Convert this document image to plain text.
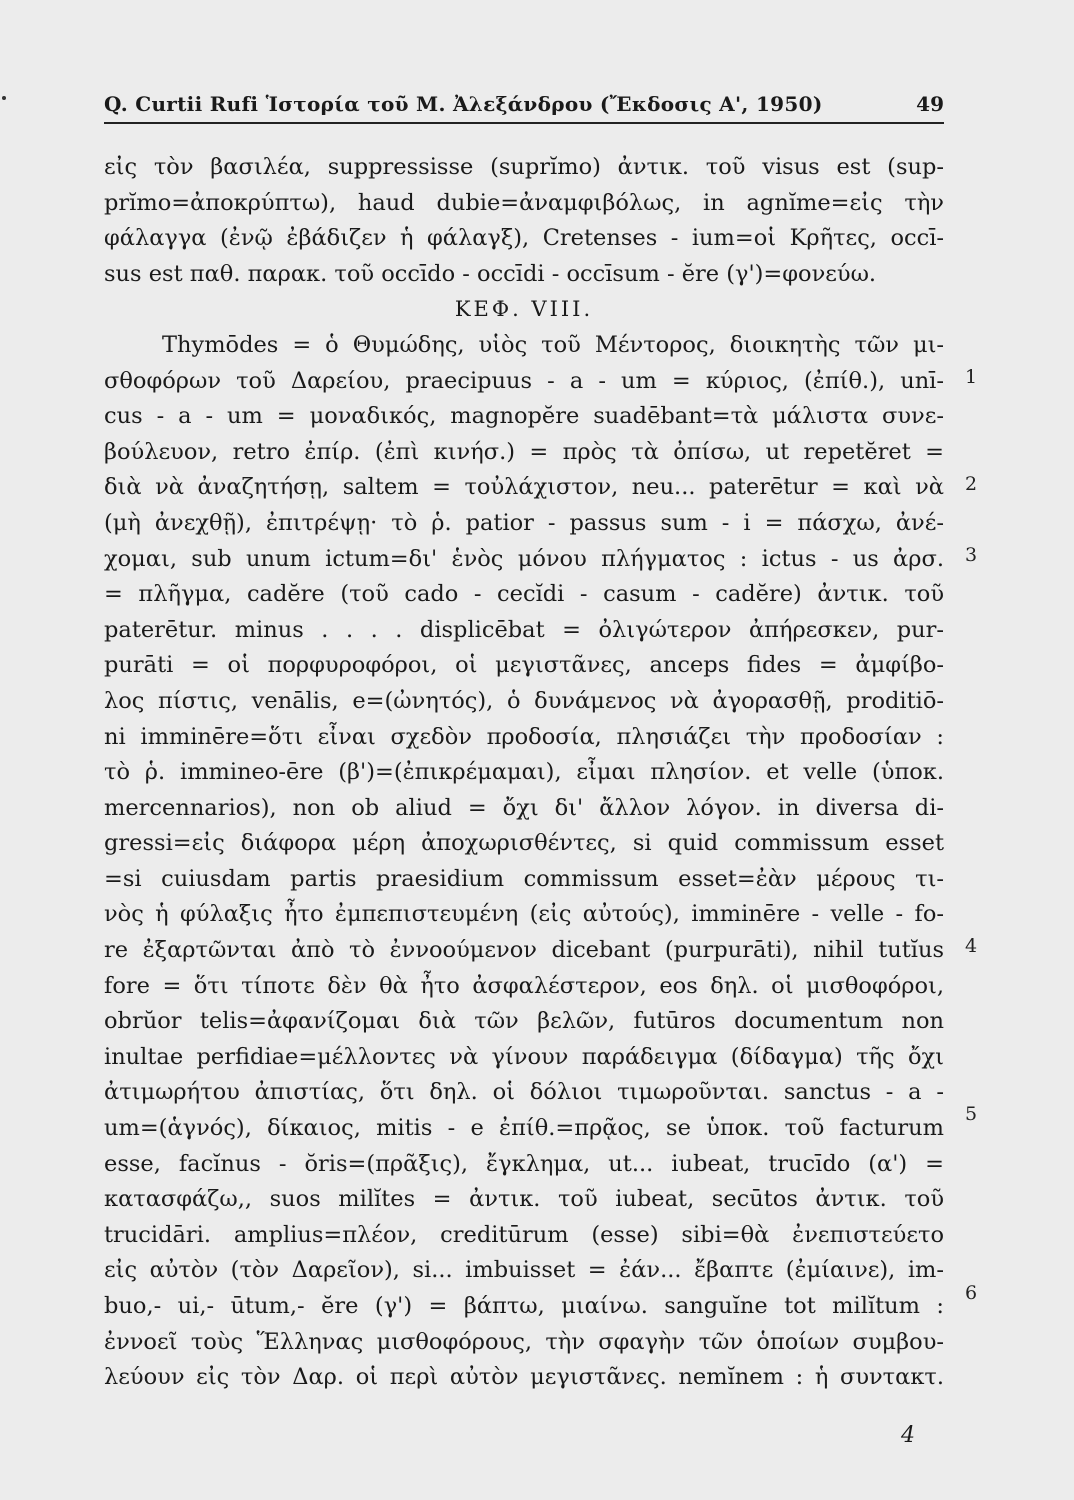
Q. Curtii Rufi Ἱστορία τοῦ Μ. Ἀλεξάνδρου (Ἔκδοσις Α', 1950)	49
εἰς τὸν βασιλέα, suppressisse (suprĭmo) ἀντικ. τοῦ visus est (sup-
prĭmo=ἀποκρύπτω), haud dubie=ἀναμφιβόλως, in agnĭme=εἰς τὴν
φάλαγγα (ἐνῷ ἐβάδιζεν ἡ φάλαγξ), Cretenses - ium=οἱ Κρῆτες, occī-
sus est παθ. παρακ. τοῦ occīdo - occīdi - occīsum - ĕre (γ')=φονεύω.
ΚΕΦ. VIII.
Thymōdes = ὁ Θυμώδης, υἱὸς τοῦ Μέντορος, διοικητὴς τῶν μι-
σθοφόρων τοῦ Δαρείου, praecipuus - a - um = κύριος, (ἐπίθ.), unī-
cus - a - um = μοναδικός, magnopĕre suadēbant=τὰ μάλιστα συνε-
βούλευον, retro ἐπίρ. (ἐπὶ κινήσ.) = πρὸς τὰ ὀπίσω, ut repetĕret =
διὰ νὰ ἀναζητήσῃ, saltem = τοὐλάχιστον, neu... paterētur = καὶ νὰ
(μὴ ἀνεχθῇ), ἐπιτρέψῃ· τὸ ῥ. patior - passus sum - i = πάσχω, ἀνέ-
χομαι, sub unum ictum=δι' ἑνὸς μόνου πλήγματος : ictus - us ἀρσ.
= πλῆγμα, cadĕre (τοῦ cado - cecĭdi - casum - cadĕre) ἀντικ. τοῦ
paterētur. minus . . . . displicēbat = ὀλιγώτερον ἀπήρεσκεν, pur-
purāti = οἱ πορφυροφόροι, οἱ μεγιστᾶνες, anceps fides = ἀμφίβο-
λος πίστις, venālis, e=(ὠνητός), ὁ δυνάμενος νὰ ἀγορασθῇ, proditiō-
ni imminēre=ὅτι εἶναι σχεδὸν προδοσία, πλησιάζει τὴν προδοσίαν :
τὸ ῥ. immineo-ēre (β')=(ἐπικρέμαμαι), εἶμαι πλησίον. et velle (ὑποκ.
mercennarios), non ob aliud = ὄχι δι' ἄλλον λόγον. in diversa di-
gressi=εἰς διάφορα μέρη ἀποχωρισθέντες, si quid commissum esset
=si cuiusdam partis praesidium commissum esset=ἐὰν μέρους τι-
νὸς ἡ φύλαξις ἦτο ἐμπεπιστευμένη (εἰς αὐτούς), imminēre - velle - fo-
re ἐξαρτῶνται ἀπὸ τὸ ἐννοούμενον dicebant (purpurāti), nihil tutĭus
fore = ὅτι τίποτε δὲν θὰ ἦτο ἀσφαλέστερον, eos δηλ. οἱ μισθοφόροι,
obrŭor telis=ἀφανίζομαι διὰ τῶν βελῶν, futūros documentum non
inultae perfidiae=μέλλοντες νὰ γίνουν παράδειγμα (δίδαγμα) τῆς ὄχι
ἀτιμωρήτου ἀπιστίας, ὅτι δηλ. οἱ δόλιοι τιμωροῦνται. sanctus - a -
um=(ἁγνός), δίκαιος, mitis - e ἐπίθ.=πρᾷος, se ὑποκ. τοῦ facturum
esse, facĭnus - ŏris=(πρᾶξις), ἔγκλημα, ut... iubeat, trucīdo (α') =
κατασφάζω,, suos milĭtes = ἀντικ. τοῦ iubeat, secūtos ἀντικ. τοῦ
trucidāri. amplius=πλέον, creditūrum (esse) sibi=θὰ ἐνεπιστεύετο
εἰς αὐτὸν (τὸν Δαρεῖον), si... imbuisset = ἐάν... ἔβαπτε (ἐμίαινε), im-
buo,- ui,- ūtum,- ĕre (γ') = βάπτω, μιαίνω. sanguĭne tot milĭtum :
ἐννοεῖ τοὺς Ἕλληνας μισθοφόρους, τὴν σφαγὴν τῶν ὁποίων συμβου-
λεύουν εἰς τὸν Δαρ. οἱ περὶ αὐτὸν μεγιστᾶνες. nemĭnem : ἡ συντακτ.
1
2
3
4
5
6
4
